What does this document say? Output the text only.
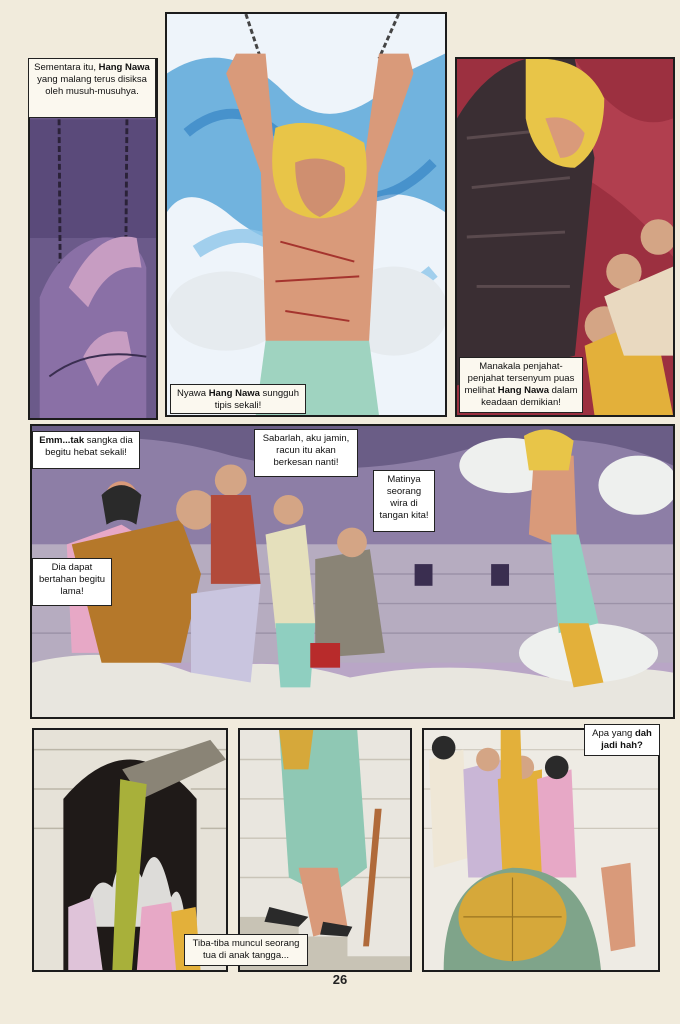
Sementara itu, Hang Nawa yang malang terus disiksa oleh musuh-musuhya.
Nyawa Hang Nawa sungguh tipis sekali!
Manakala penjahat-penjahat tersenyum puas melihat Hang Nawa dalam keadaan demikian!
Emm...tak sangka dia begitu hebat sekali!
Sabarlah, aku jamin, racun itu akan berkesan nanti!
Matinya seorang wira di tangan kita!
Dia dapat bertahan begitu lama!
Tiba-tiba muncul seorang tua di anak tangga...
Apa yang dah jadi hah?
26
